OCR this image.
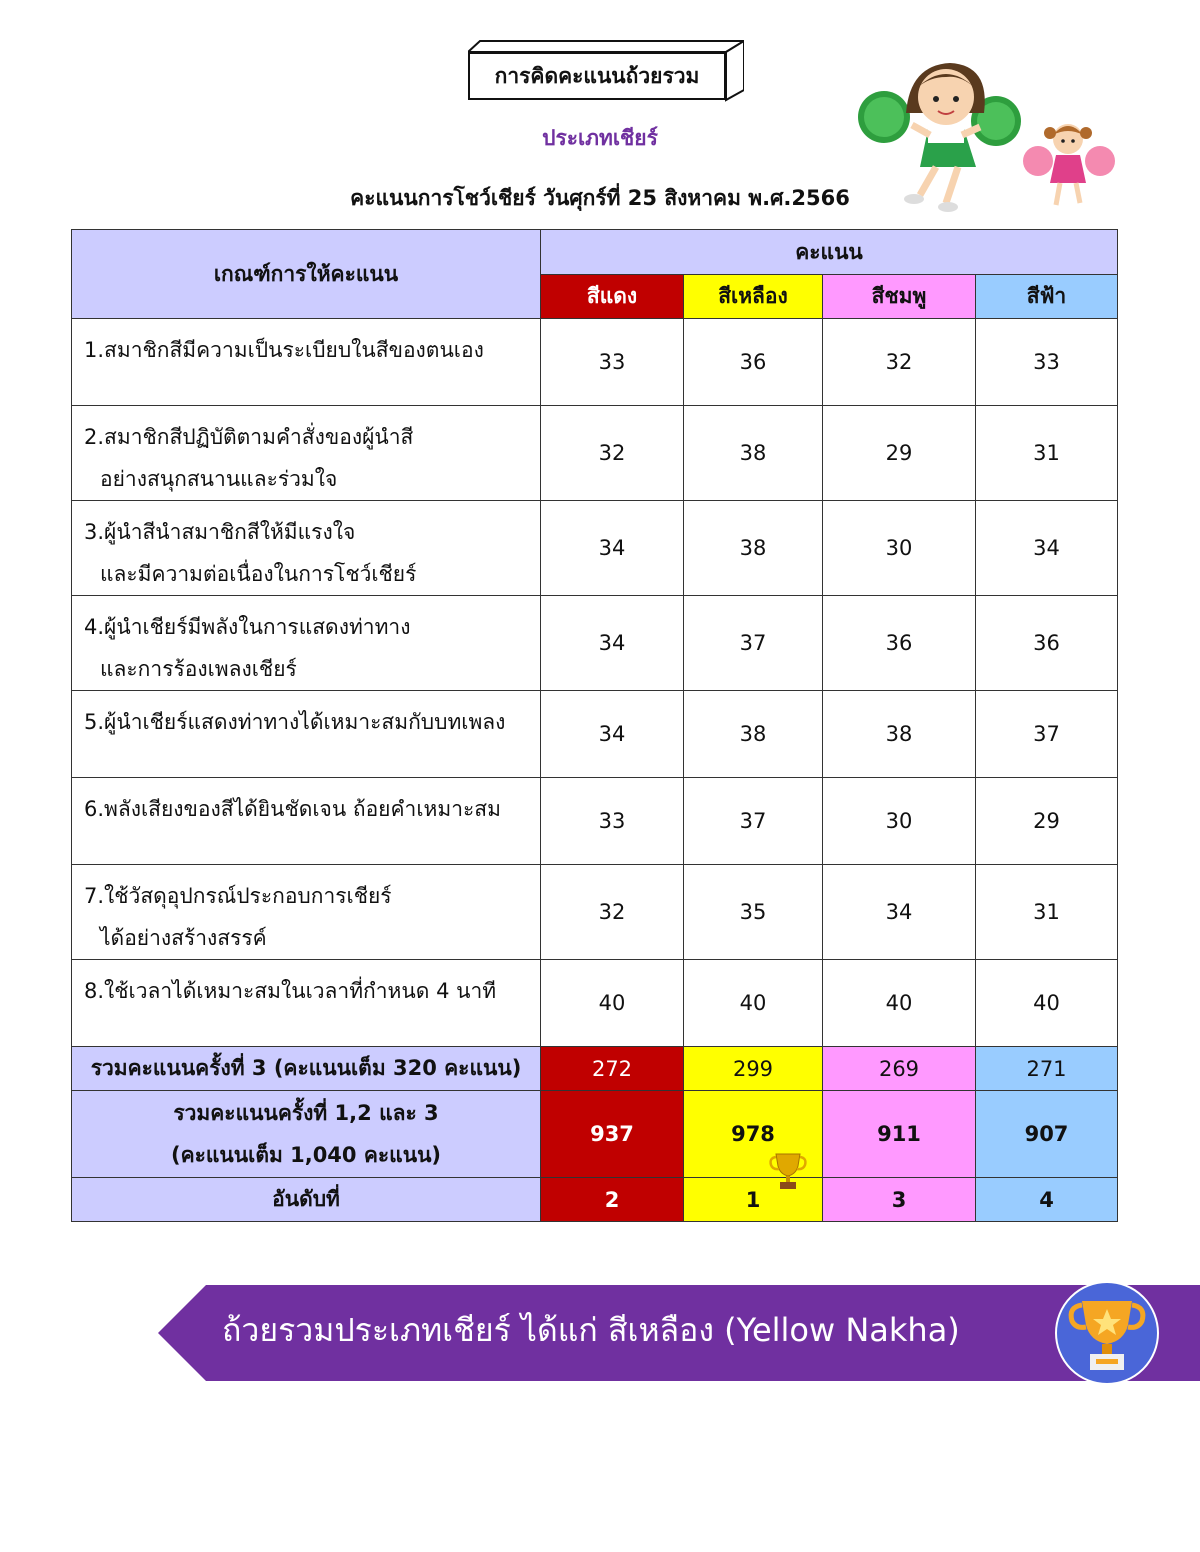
การคิดคะแนนถ้วยรวม
ประเภทเชียร์
คะแนนการโชว์เชียร์ วันศุกร์ที่ 25 สิงหาคม พ.ศ.2566
เกณฑ์การให้คะแนน	คะแนน			
	สีแดง	สีเหลือง	สีชมพู	สีฟ้า

1.สมาชิกสีมีความเป็นระเบียบในสีของตนเอง	33	36	32	33

2.สมาชิกสีปฏิบัติตามคำสั่งของผู้นำสี
อย่างสนุกสนานและร่วมใจ	32	38	29	31

3.ผู้นำสีนำสมาชิกสีให้มีแรงใจ
และมีความต่อเนื่องในการโชว์เชียร์	34	38	30	34

4.ผู้นำเชียร์มีพลังในการแสดงท่าทาง
และการร้องเพลงเชียร์	34	37	36	36

5.ผู้นำเชียร์แสดงท่าทางได้เหมาะสมกับบทเพลง	34	38	38	37

6.พลังเสียงของสีได้ยินชัดเจน ถ้อยคำเหมาะสม	33	37	30	29

7.ใช้วัสดุอุปกรณ์ประกอบการเชียร์
ได้อย่างสร้างสรรค์	32	35	34	31

8.ใช้เวลาได้เหมาะสมในเวลาที่กำหนด 4 นาที	40	40	40	40
รวมคะแนนครั้งที่ 3 (คะแนนเต็ม 320 คะแนน)	272	299	269	271

รวมคะแนนครั้งที่ 1,2 และ 3
(คะแนนเต็ม 1,040 คะแนน)	937	978	911	907
อันดับที่	2	1	3	4
ถ้วยรวมประเภทเชียร์ ได้แก่ สีเหลือง (Yellow Nakha)
